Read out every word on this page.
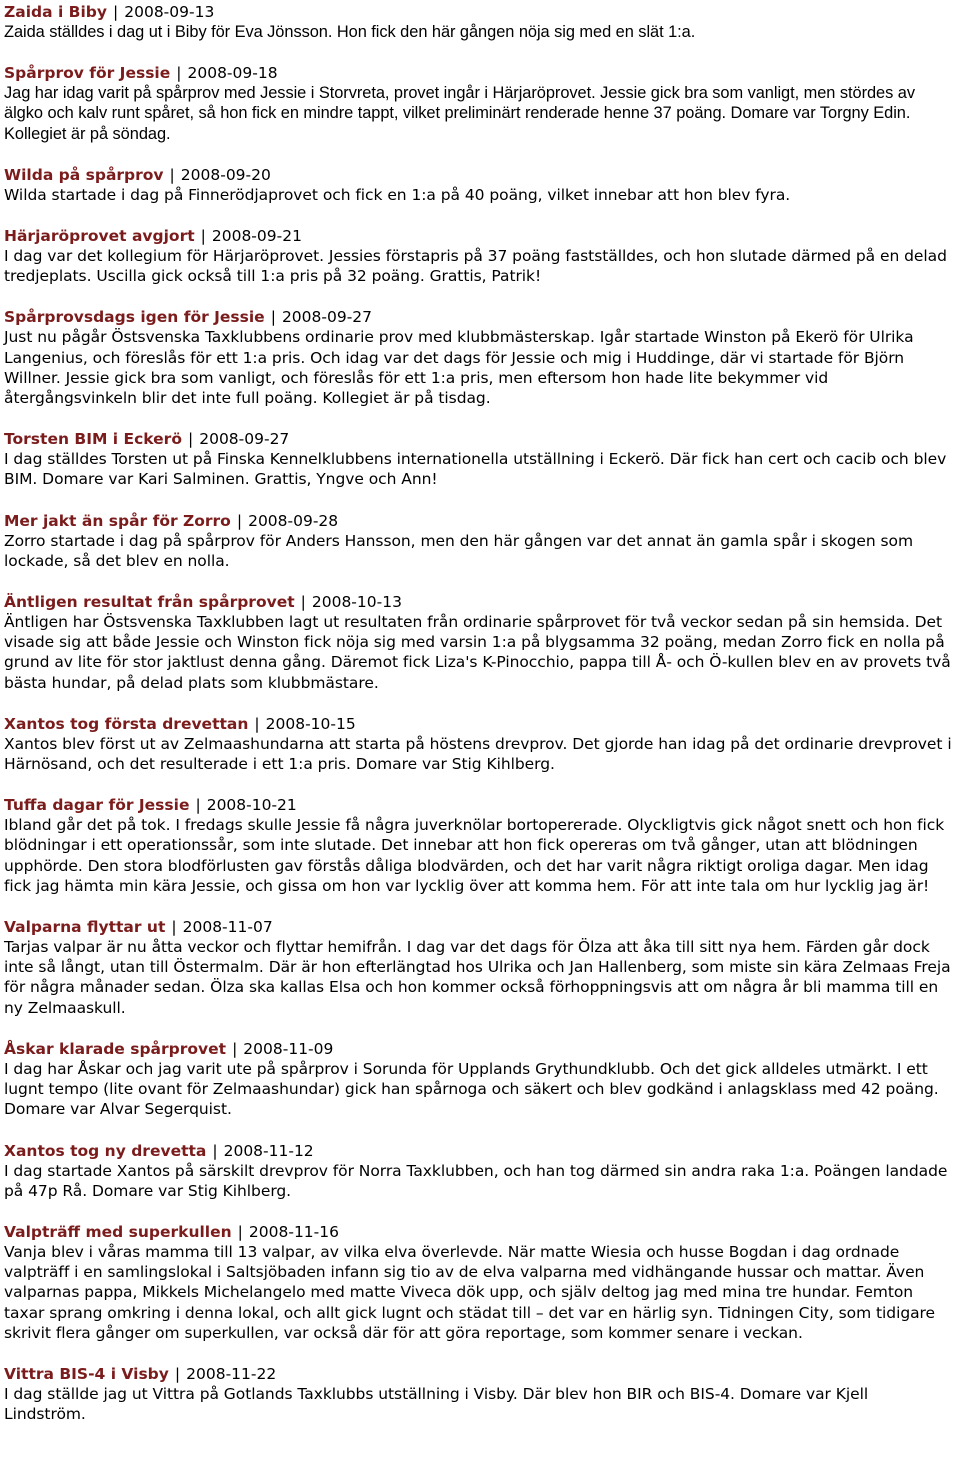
Zaida i Biby | 2008-09-13
Zaida ställdes i dag ut i Biby för Eva Jönsson. Hon fick den här gången nöja sig med en slät 1:a.
Spårprov för Jessie | 2008-09-18
Jag har idag varit på spårprov med Jessie i Storvreta, provet ingår i Härjaröprovet. Jessie gick bra som vanligt, men stördes av älgko och kalv runt spåret, så hon fick en mindre tappt, vilket preliminärt renderade henne 37 poäng. Domare var Torgny Edin. Kollegiet är på söndag.
Wilda på spårprov | 2008-09-20
Wilda startade i dag på Finnerödjaprovet och fick en 1:a på 40 poäng, vilket innebar att hon blev fyra.
Härjaröprovet avgjort | 2008-09-21
I dag var det kollegium för Härjaröprovet. Jessies förstapris på 37 poäng fastställdes, och hon slutade därmed på en delad tredjeplats. Uscilla gick också till 1:a pris på 32 poäng. Grattis, Patrik!
Spårprovsdags igen för Jessie | 2008-09-27
Just nu pågår Östsvenska Taxklubbens ordinarie prov med klubbmästerskap. Igår startade Winston på Ekerö för Ulrika Langenius, och föreslås för ett 1:a pris. Och idag var det dags för Jessie och mig i Huddinge, där vi startade för Björn Willner. Jessie gick bra som vanligt, och föreslås för ett 1:a pris, men eftersom hon hade lite bekymmer vid återgångsvinkeln blir det inte full poäng. Kollegiet är på tisdag.
Torsten BIM i Eckerö | 2008-09-27
I dag ställdes Torsten ut på Finska Kennelklubbens internationella utställning i Eckerö. Där fick han cert och cacib och blev BIM. Domare var Kari Salminen. Grattis, Yngve och Ann!
Mer jakt än spår för Zorro | 2008-09-28
Zorro startade i dag på spårprov för Anders Hansson, men den här gången var det annat än gamla spår i skogen som lockade, så det blev en nolla.
Äntligen resultat från spårprovet | 2008-10-13
Äntligen har Östsvenska Taxklubben lagt ut resultaten från ordinarie spårprovet för två veckor sedan på sin hemsida. Det visade sig att både Jessie och Winston fick nöja sig med varsin 1:a på blygsamma 32 poäng, medan Zorro fick en nolla på grund av lite för stor jaktlust denna gång. Däremot fick Liza's K-Pinocchio, pappa till Å- och Ö-kullen blev en av provets två bästa hundar, på delad plats som klubbmästare.
Xantos tog första drevettan | 2008-10-15
Xantos blev först ut av Zelmaashundarna att starta på höstens drevprov. Det gjorde han idag på det ordinarie drevprovet i Härnösand, och det resulterade i ett 1:a pris. Domare var Stig Kihlberg.
Tuffa dagar för Jessie | 2008-10-21
Ibland går det på tok. I fredags skulle Jessie få några juverknölar bortopererade. Olyckligtvis gick något snett och hon fick blödningar i ett operationssår, som inte slutade. Det innebar att hon fick opereras om två gånger, utan att blödningen upphörde. Den stora blodförlusten gav förstås dåliga blodvärden, och det har varit några riktigt oroliga dagar. Men idag fick jag hämta min kära Jessie, och gissa om hon var lycklig över att komma hem. För att inte tala om hur lycklig jag är!
Valparna flyttar ut | 2008-11-07
Tarjas valpar är nu åtta veckor och flyttar hemifrån. I dag var det dags för Ölza att åka till sitt nya hem. Färden går dock inte så långt, utan till Östermalm. Där är hon efterlängtad hos Ulrika och Jan Hallenberg, som miste sin kära Zelmaas Freja för några månader sedan. Ölza ska kallas Elsa och hon kommer också förhoppningsvis att om några år bli mamma till en ny Zelmaaskull.
Åskar klarade spårprovet | 2008-11-09
I dag har Åskar och jag varit ute på spårprov i Sorunda för Upplands Grythundklubb. Och det gick alldeles utmärkt. I ett lugnt tempo (lite ovant för Zelmaashundar) gick han spårnoga och säkert och blev godkänd i anlagsklass med 42 poäng. Domare var Alvar Segerquist.
Xantos tog ny drevetta | 2008-11-12
I dag startade Xantos på särskilt drevprov för Norra Taxklubben, och han tog därmed sin andra raka 1:a. Poängen landade på 47p Rå. Domare var Stig Kihlberg.
Valpträff med superkullen | 2008-11-16
Vanja blev i våras mamma till 13 valpar, av vilka elva överlevde. När matte Wiesia och husse Bogdan i dag ordnade valpträff i en samlingslokal i Saltsjöbaden infann sig tio av de elva valparna med vidhängande hussar och mattar. Även valparnas pappa, Mikkels Michelangelo med matte Viveca dök upp, och själv deltog jag med mina tre hundar. Femton taxar sprang omkring i denna lokal, och allt gick lugnt och städat till – det var en härlig syn. Tidningen City, som tidigare skrivit flera gånger om superkullen, var också där för att göra reportage, som kommer senare i veckan.
Vittra BIS-4 i Visby | 2008-11-22
I dag ställde jag ut Vittra på Gotlands Taxklubbs utställning i Visby. Där blev hon BIR och BIS-4. Domare var Kjell Lindström.
